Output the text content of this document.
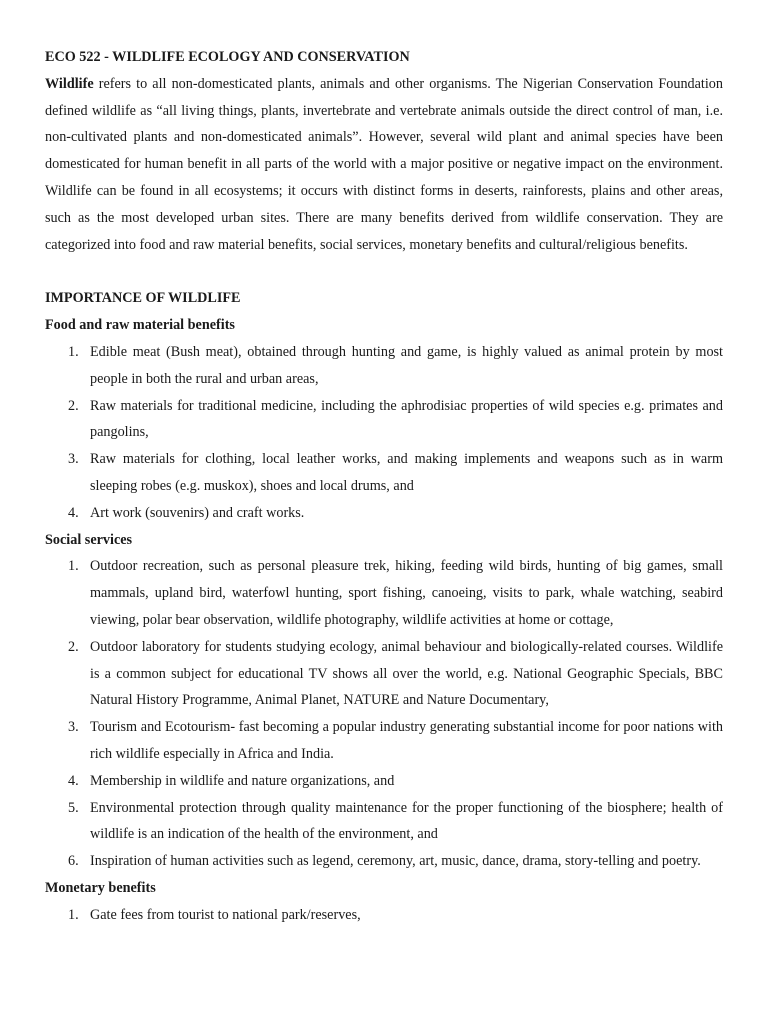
ECO 522 - WILDLIFE ECOLOGY AND CONSERVATION

Wildlife refers to all non-domesticated plants, animals and other organisms. The Nigerian Conservation Foundation defined wildlife as “all living things, plants, invertebrate and vertebrate animals outside the direct control of man, i.e. non-cultivated plants and non-domesticated animals”. However, several wild plant and animal species have been domesticated for human benefit in all parts of the world with a major positive or negative impact on the environment. Wildlife can be found in all ecosystems; it occurs with distinct forms in deserts, rainforests, plains and other areas, such as the most developed urban sites. There are many benefits derived from wildlife conservation. They are categorized into food and raw material benefits, social services, monetary benefits and cultural/religious benefits.

IMPORTANCE OF WILDLIFE
Food and raw material benefits
1. Edible meat (Bush meat), obtained through hunting and game, is highly valued as animal protein by most people in both the rural and urban areas,
2. Raw materials for traditional medicine, including the aphrodisiac properties of wild species e.g. primates and pangolins,
3. Raw materials for clothing, local leather works, and making implements and weapons such as in warm sleeping robes (e.g. muskox), shoes and local drums, and
4. Art work (souvenirs) and craft works.
Social services
1. Outdoor recreation, such as personal pleasure trek, hiking, feeding wild birds, hunting of big games, small mammals, upland bird, waterfowl hunting, sport fishing, canoeing, visits to park, whale watching, seabird viewing, polar bear observation, wildlife photography, wildlife activities at home or cottage,
2. Outdoor laboratory for students studying ecology, animal behaviour and biologically-related courses. Wildlife is a common subject for educational TV shows all over the world, e.g. National Geographic Specials, BBC Natural History Programme, Animal Planet, NATURE and Nature Documentary,
3. Tourism and Ecotourism- fast becoming a popular industry generating substantial income for poor nations with rich wildlife especially in Africa and India.
4. Membership in wildlife and nature organizations, and
5. Environmental protection through quality maintenance for the proper functioning of the biosphere; health of wildlife is an indication of the health of the environment, and
6. Inspiration of human activities such as legend, ceremony, art, music, dance, drama, story-telling and poetry.
Monetary benefits
1. Gate fees from tourist to national park/reserves,
